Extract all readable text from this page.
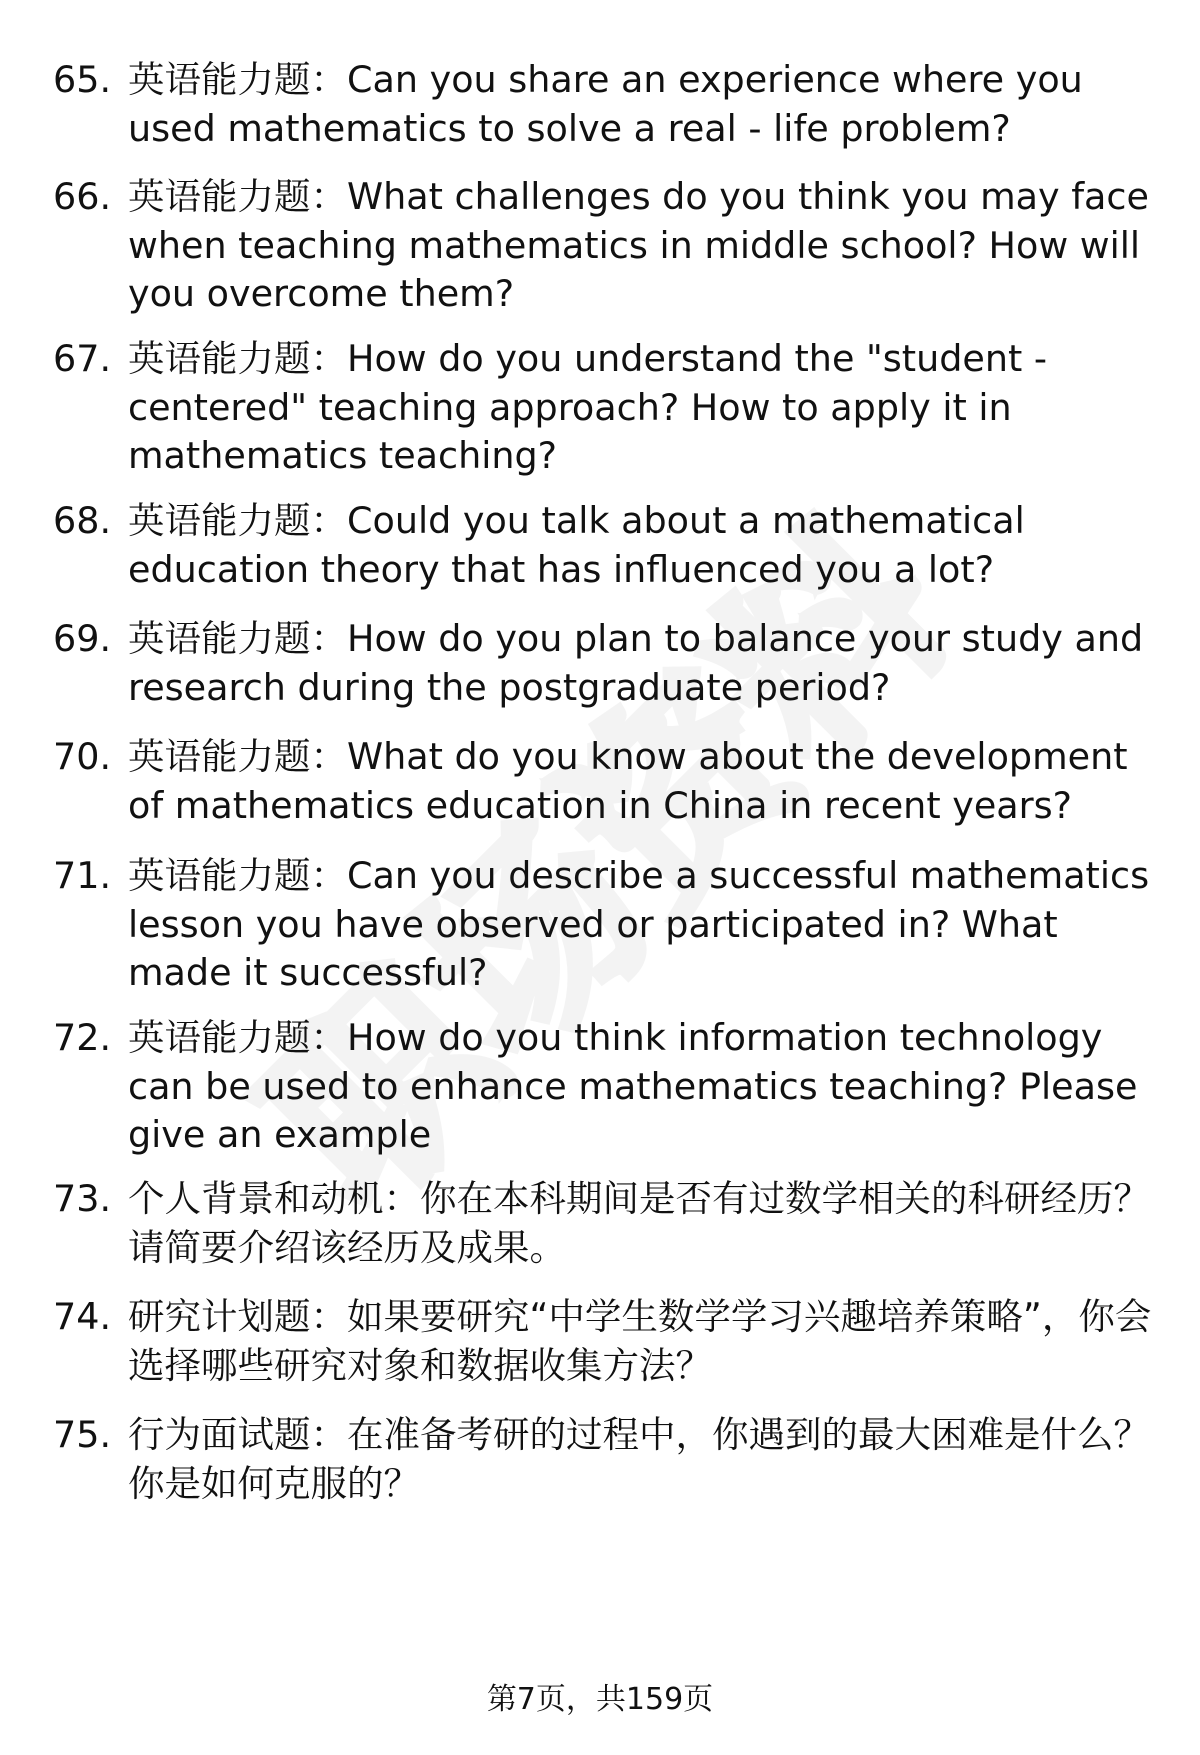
65. 英语能力题：Can you share an experience where you used mathematics to solve a real - life problem?
66. 英语能力题：What challenges do you think you may face when teaching mathematics in middle school? How will you overcome them?
67. 英语能力题：How do you understand the "student - centered" teaching approach? How to apply it in mathematics teaching?
68. 英语能力题：Could you talk about a mathematical education theory that has influenced you a lot?
69. 英语能力题：How do you plan to balance your study and research during the postgraduate period?
70. 英语能力题：What do you know about the development of mathematics education in China in recent years?
71. 英语能力题：Can you describe a successful mathematics lesson you have observed or participated in? What made it successful?
72. 英语能力题：How do you think information technology can be used to enhance mathematics teaching? Please give an example
73. 个人背景和动机：你在本科期间是否有过数学相关的科研经历？请简要介绍该经历及成果。
74. 研究计划题：如果要研究“中学生数学学习兴趣培养策略”，你会选择哪些研究对象和数据收集方法？
75. 行为面试题：在准备考研的过程中，你遇到的最大困难是什么？你是如何克服的？
第7页，共159页
